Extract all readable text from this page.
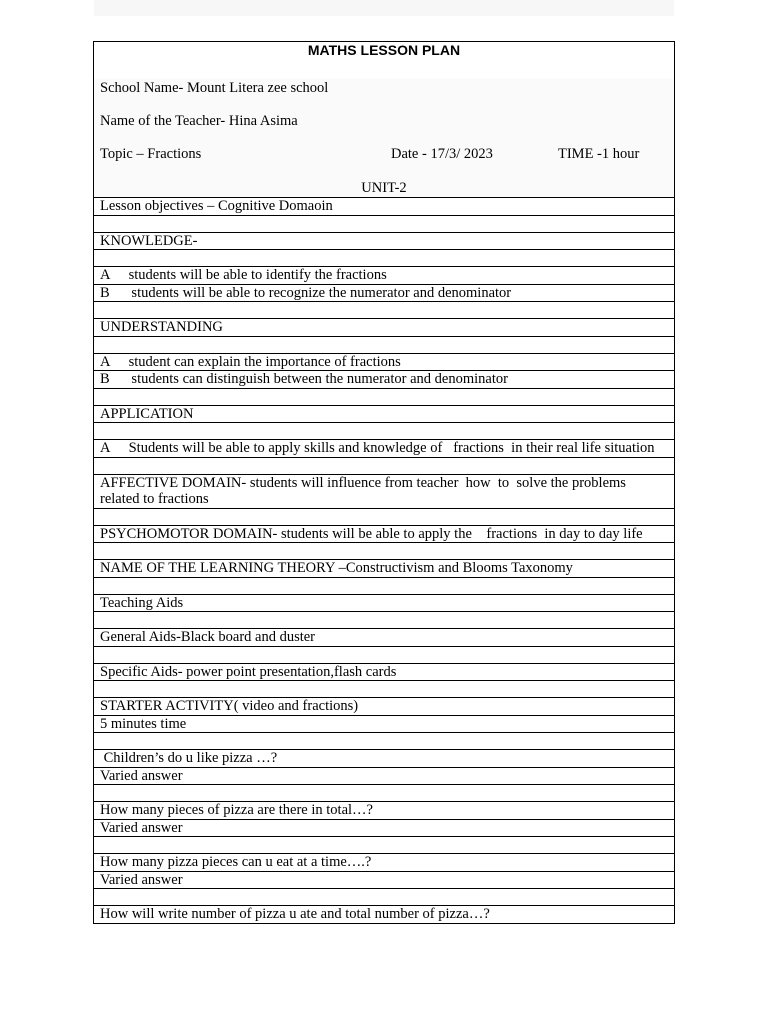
MATHS LESSON PLAN
School Name- Mount Litera zee school
Name of the Teacher- Hina Asima
Topic – Fractions	Date - 17/3/ 2023	TIME -1 hour
UNIT-2
Lesson objectives – Cognitive Domaoin
KNOWLEDGE-
A     students will be able to identify the fractions
B      students will be able to recognize the numerator and denominator
UNDERSTANDING
A     student can explain the importance of fractions
B      students can distinguish between the numerator and denominator
APPLICATION
A     Students will be able to apply skills and knowledge of   fractions  in their real life situation
AFFECTIVE DOMAIN- students will influence from teacher  how  to  solve the problems related to fractions
PSYCHOMOTOR DOMAIN- students will be able to apply the    fractions  in day to day life
NAME OF THE LEARNING THEORY –Constructivism and Blooms Taxonomy
Teaching Aids
General Aids-Black board and duster
Specific Aids- power point presentation,flash cards
STARTER ACTIVITY( video and fractions)
5 minutes time
Children’s do u like pizza …?
Varied answer
How many pieces of pizza are there in total…?
Varied answer
How many pizza pieces can u eat at a time….?
Varied answer
How will write number of pizza u ate and total number of pizza…?
